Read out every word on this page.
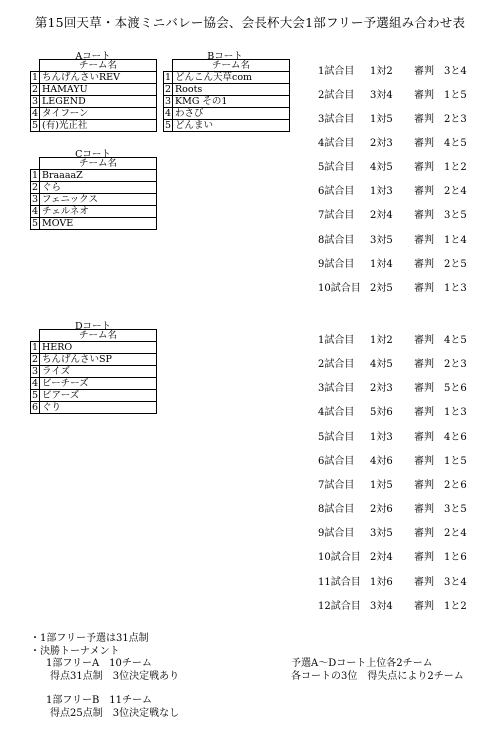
第15回天草・本渡ミニバレー協会、会長杯大会1部フリー予選組み合わせ表
Aコート
	チーム名
1	ちんげんさいREV
2	HAMAYU
3	LEGEND
4	タイフーン
5	(有)光正社
Bコート
	チーム名
1	どんこん天草com
2	Roots
3	KMG その1
4	わさび
5	どんまい
Cコート
	チーム名
1	BraaaaZ
2	ぐら
3	フェニックス
4	チェルネオ
5	MOVE
Dコート
	チーム名
1	HERO
2	ちんげんさいSP
3	ライズ
4	ビーチーズ
5	ビアーズ
6	ぐり
1試合目 1対2 審判 3と4
2試合目 3対4 審判 1と5
3試合目 1対5 審判 2と3
4試合目 2対3 審判 4と5
5試合目 4対5 審判 1と2
6試合目 1対3 審判 2と4
7試合目 2対4 審判 3と5
8試合目 3対5 審判 1と4
9試合目 1対4 審判 2と5
10試合目 2対5 審判 1と3
1試合目 1対2 審判 4と5
2試合目 4対5 審判 2と3
3試合目 2対3 審判 5と6
4試合目 5対6 審判 1と3
5試合目 1対3 審判 4と6
6試合目 4対6 審判 1と5
7試合目 1対5 審判 2と6
8試合目 2対6 審判 3と5
9試合目 3対5 審判 2と4
10試合目 2対4 審判 1と6
11試合目 1対6 審判 3と4
12試合目 3対4 審判 1と2
・1部フリー予選は31点制
・決勝トーナメント
1部フリーA　10チーム
得点31点制　3位決定戦あり
1部フリーB　11チーム
得点25点制　3位決定戦なし
予選A～Dコート上位各2チーム
各コートの3位　得失点により2チーム
